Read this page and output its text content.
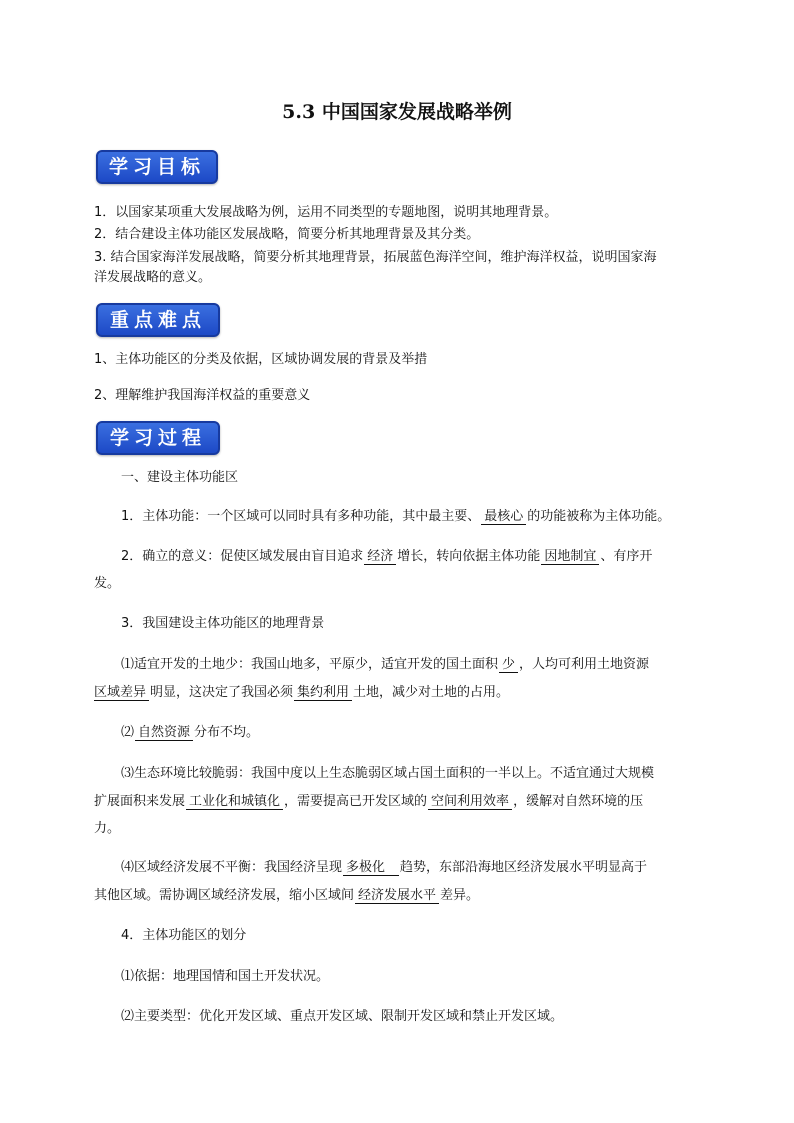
5.3 中国国家发展战略举例
学习目标
1．以国家某项重大发展战略为例，运用不同类型的专题地图，说明其地理背景。
2．结合建设主体功能区发展战略，简要分析其地理背景及其分类。
3. 结合国家海洋发展战略，简要分析其地理背景，拓展蓝色海洋空间，维护海洋权益，说明国家海
洋发展战略的意义。
重点难点
1、主体功能区的分类及依据，区域协调发展的背景及举措
2、理解维护我国海洋权益的重要意义
学习过程
一、建设主体功能区
1．主体功能：一个区域可以同时具有多种功能，其中最主要、 最核心 的功能被称为主体功能。
2．确立的意义：促使区域发展由盲目追求 经济 增长，转向依据主体功能 因地制宜 、有序开
发。
3．我国建设主体功能区的地理背景
⑴适宜开发的土地少：我国山地多，平原少，适宜开发的国土面积 少 ，人均可利用土地资源
区域差异 明显，这决定了我国必须 集约利用 土地，减少对土地的占用。
⑵ 自然资源 分布不均。
⑶生态环境比较脆弱：我国中度以上生态脆弱区域占国土面积的一半以上。不适宜通过大规模
扩展面积来发展 工业化和城镇化 ，需要提高已开发区域的 空间利用效率 ，缓解对自然环境的压
力。
⑷区域经济发展不平衡：我国经济呈现 多极化 趋势，东部沿海地区经济发展水平明显高于
其他区域。需协调区域经济发展，缩小区域间 经济发展水平 差异。
4．主体功能区的划分
⑴依据：地理国情和国土开发状况。
⑵主要类型：优化开发区域、重点开发区域、限制开发区域和禁止开发区域。
